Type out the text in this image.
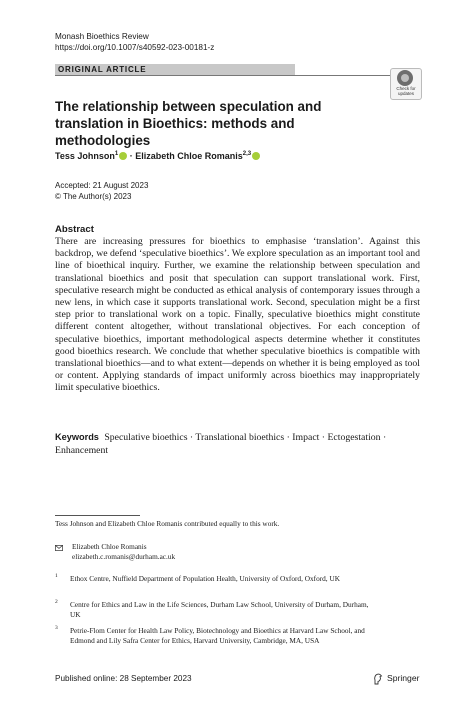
Monash Bioethics Review
https://doi.org/10.1007/s40592-023-00181-z
ORIGINAL ARTICLE
Check for updates
The relationship between speculation and translation in Bioethics: methods and methodologies
Tess Johnson$^1$ · Elizabeth Chloe Romanis$^{2,3}$
Accepted: 21 August 2023
© The Author(s) 2023
Abstract
There are increasing pressures for bioethics to emphasise ‘translation’. Against this backdrop, we defend ‘speculative bioethics’. We explore speculation as an important tool and line of bioethical inquiry. Further, we examine the relationship between speculation and translational bioethics and posit that speculation can support translational work. First, speculative research might be conducted as ethical analysis of contemporary issues through a new lens, in which case it supports translational work. Second, speculation might be a first step prior to translational work on a topic. Finally, speculative bioethics might constitute different content altogether, without translational objectives. For each conception of speculative bioethics, important methodological aspects determine whether it constitutes good bioethics research. We conclude that whether speculative bioethics is compatible with translational bioethics—and to what extent—depends on whether it is being employed as tool or content. Applying standards of impact uniformly across bioethics may inappropriately limit speculative bioethics.
Keywords Speculative bioethics · Translational bioethics · Impact · Ectogestation · Enhancement
Tess Johnson and Elizabeth Chloe Romanis contributed equally to this work.
Elizabeth Chloe Romanis
elizabeth.c.romanis@durham.ac.uk
1 Ethox Centre, Nuffield Department of Population Health, University of Oxford, Oxford, UK
2 Centre for Ethics and Law in the Life Sciences, Durham Law School, University of Durham, Durham, UK
3 Petrie-Flom Center for Health Law Policy, Biotechnology and Bioethics at Harvard Law School, and Edmond and Lily Safra Center for Ethics, Harvard University, Cambridge, MA, USA
Published online: 28 September 2023	Springer
